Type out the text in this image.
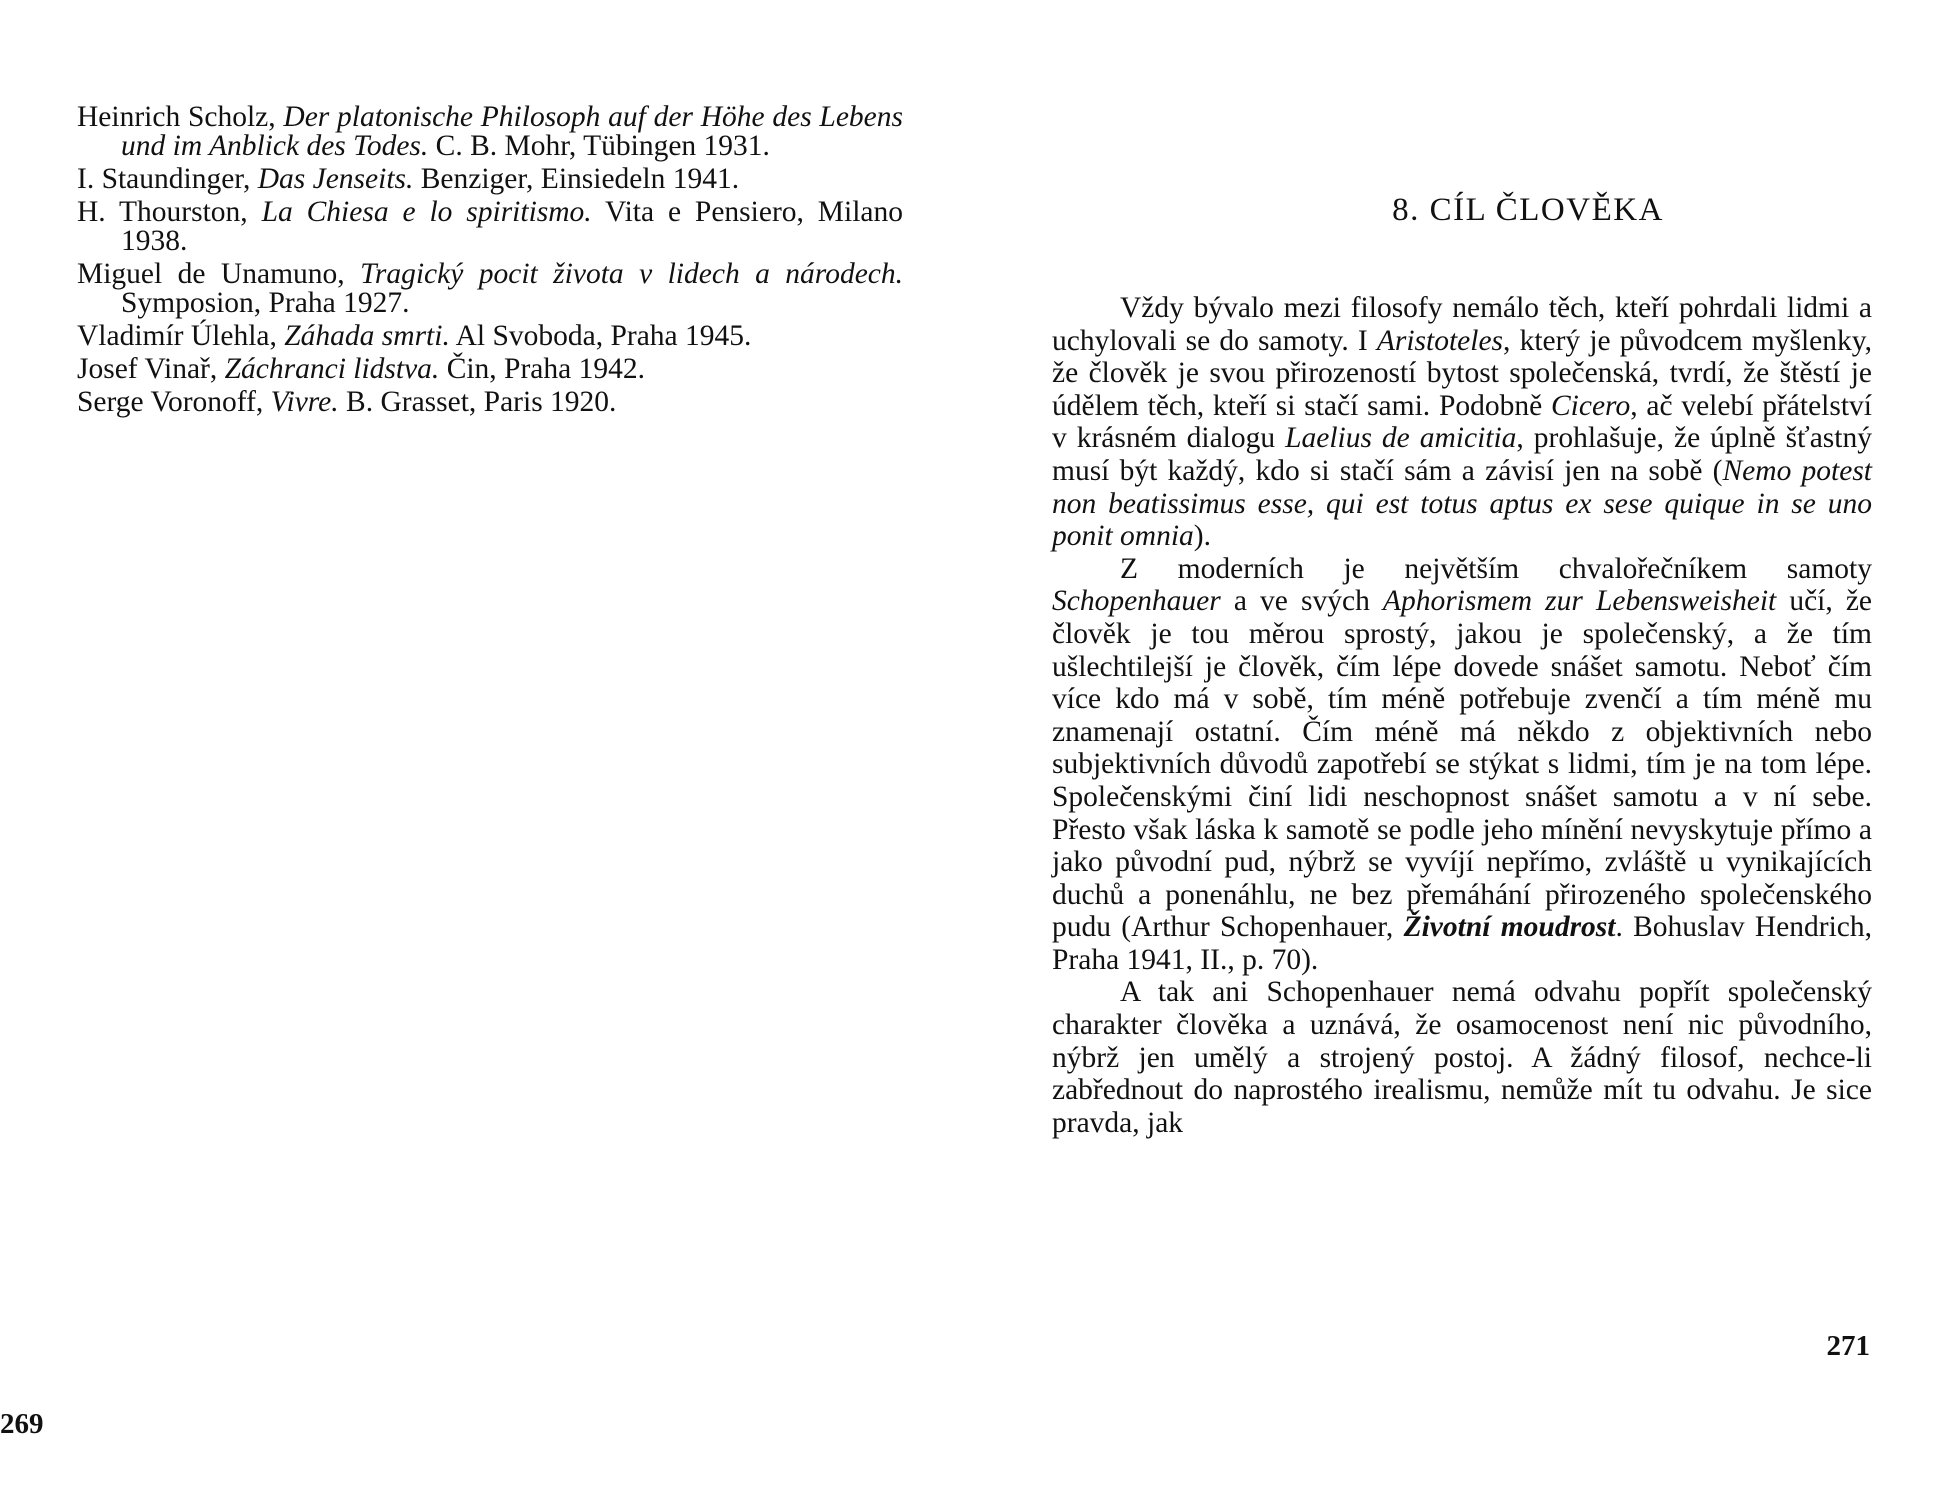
Heinrich Scholz, Der platonische Philosoph auf der Höhe des Lebens und im Anblick des Todes. C. B. Mohr, Tübingen 1931.
I. Staundinger, Das Jenseits. Benziger, Einsiedeln 1941.
H. Thourston, La Chiesa e lo spiritismo. Vita e Pensiero, Milano 1938.
Miguel de Unamuno, Tragický pocit života v lidech a národech. Symposion, Praha 1927.
Vladimír Úlehla, Záhada smrti. Al Svoboda, Praha 1945.
Josef Vinař, Záchranci lidstva. Čin, Praha 1942.
Serge Voronoff, Vivre. B. Grasset, Paris 1920.
269
8. CÍL ČLOVĚKA

Vždy bývalo mezi filosofy nemálo těch, kteří pohrdali lidmi a uchylovali se do samoty. I Aristoteles, který je původcem myšlenky, že člověk je svou přirozeností bytost společenská, tvrdí, že štěstí je údělem těch, kteří si stačí sami. Podobně Cicero, ač velebí přátelství v krásném dialogu Laelius de amicitia, prohlašuje, že úplně šťastný musí být každý, kdo si stačí sám a závisí jen na sobě (Nemo potest non beatissimus esse, qui est totus aptus ex sese quique in se uno ponit omnia).

Z moderních je největším chvalořečníkem samoty Schopenhauer a ve svých Aphorismem zur Lebensweisheit učí, že člověk je tou měrou sprostý, jakou je společenský, a že tím ušlechtilejší je člověk, čím lépe dovede snášet samotu. Neboť čím více kdo má v sobě, tím méně potřebuje zvenčí a tím méně mu znamenají ostatní. Čím méně má někdo z objektivních nebo subjektivních důvodů zapotřebí se stýkat s lidmi, tím je na tom lépe. Společenskými činí lidi neschopnost snášet samotu a v ní sebe. Přesto však láska k samotě se podle jeho mínění nevyskytuje přímo a jako původní pud, nýbrž se vyvíjí nepřímo, zvláště u vynikajících duchů a ponenáhlu, ne bez přemáhání přirozeného společenského pudu (Arthur Schopenhauer, Životní moudrost. Bohuslav Hendrich, Praha 1941, II., p. 70).

A tak ani Schopenhauer nemá odvahu popřít společenský charakter člověka a uznává, že osamocenost není nic původního, nýbrž jen umělý a strojený postoj. A žádný filosof, nechce-li zabřednout do naprostého irealismu, nemůže mít tu odvahu. Je sice pravda, jak

271
